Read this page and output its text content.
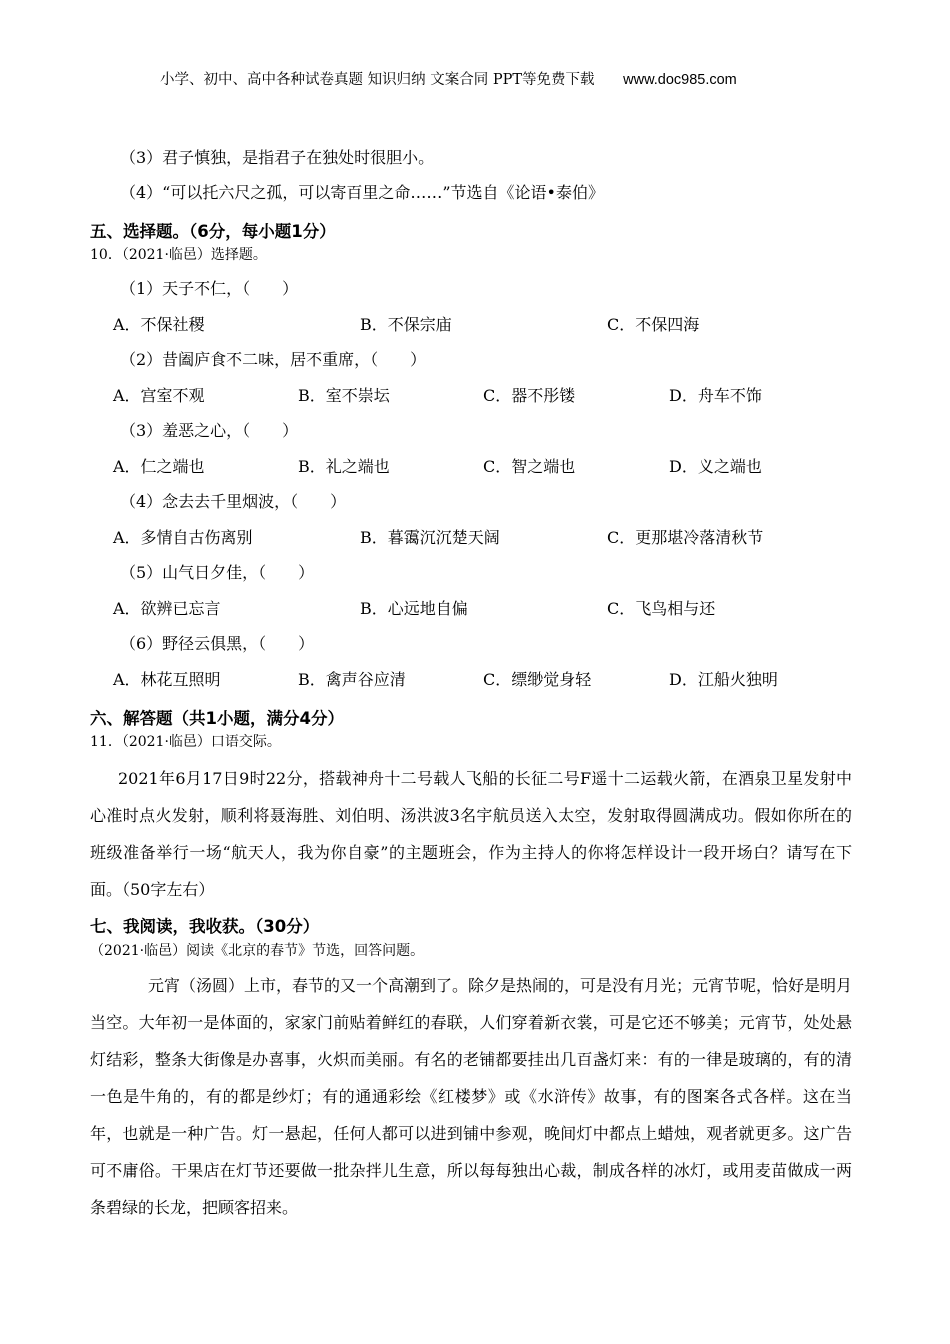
小学、初中、高中各种试卷真题 知识归纳 文案合同 PPT等免费下载 www.doc985.com
（3）君子慎独，是指君子在独处时很胆小。
（4）“可以托六尺之孤，可以寄百里之命……”节选自《论语•泰伯》
五、选择题。（6分，每小题1分）
10．（2021·临邑）选择题。
（1）天子不仁，（　　）
A．不保社稷	B．不保宗庙	C．不保四海
（2）昔阖庐食不二味，居不重席，（　　）
A．宫室不观	B．室不崇坛	C．器不彤镂	D．舟车不饰
（3）羞恶之心，（　　）
A．仁之端也	B．礼之端也	C．智之端也	D．义之端也
（4）念去去千里烟波，（　　）
A．多情自古伤离别	B．暮霭沉沉楚天阔	C．更那堪冷落清秋节
（5）山气日夕佳，（　　）
A．欲辨已忘言	B．心远地自偏	C．飞鸟相与还
（6）野径云俱黑，（　　）
A．林花互照明	B．禽声谷应清	C．缥缈觉身轻	D．江船火独明
六、解答题（共1小题，满分4分）
11．（2021·临邑）口语交际。
2021年6月17日9时22分，搭载神舟十二号载人飞船的长征二号F遥十二运载火箭，在酒泉卫星发射中心准时点火发射，顺利将聂海胜、刘伯明、汤洪波3名宇航员送入太空，发射取得圆满成功。假如你所在的班级准备举行一场“航天人，我为你自豪”的主题班会，作为主持人的你将怎样设计一段开场白？请写在下面。（50字左右）
七、我阅读，我收获。（30分）
（2021·临邑）阅读《北京的春节》节选，回答问题。
元宵（汤圆）上市，春节的又一个高潮到了。除夕是热闹的，可是没有月光；元宵节呢，恰好是明月当空。大年初一是体面的，家家门前贴着鲜红的春联，人们穿着新衣裳，可是它还不够美；元宵节，处处悬灯结彩，整条大街像是办喜事，火炽而美丽。有名的老铺都要挂出几百盏灯来：有的一律是玻璃的，有的清一色是牛角的，有的都是纱灯；有的通通彩绘《红楼梦》或《水浒传》故事，有的图案各式各样。这在当年，也就是一种广告。灯一悬起，任何人都可以进到铺中参观，晚间灯中都点上蜡烛，观者就更多。这广告可不庸俗。干果店在灯节还要做一批杂拌儿生意，所以每每独出心裁，制成各样的冰灯，或用麦苗做成一两条碧绿的长龙，把顾客招来。
